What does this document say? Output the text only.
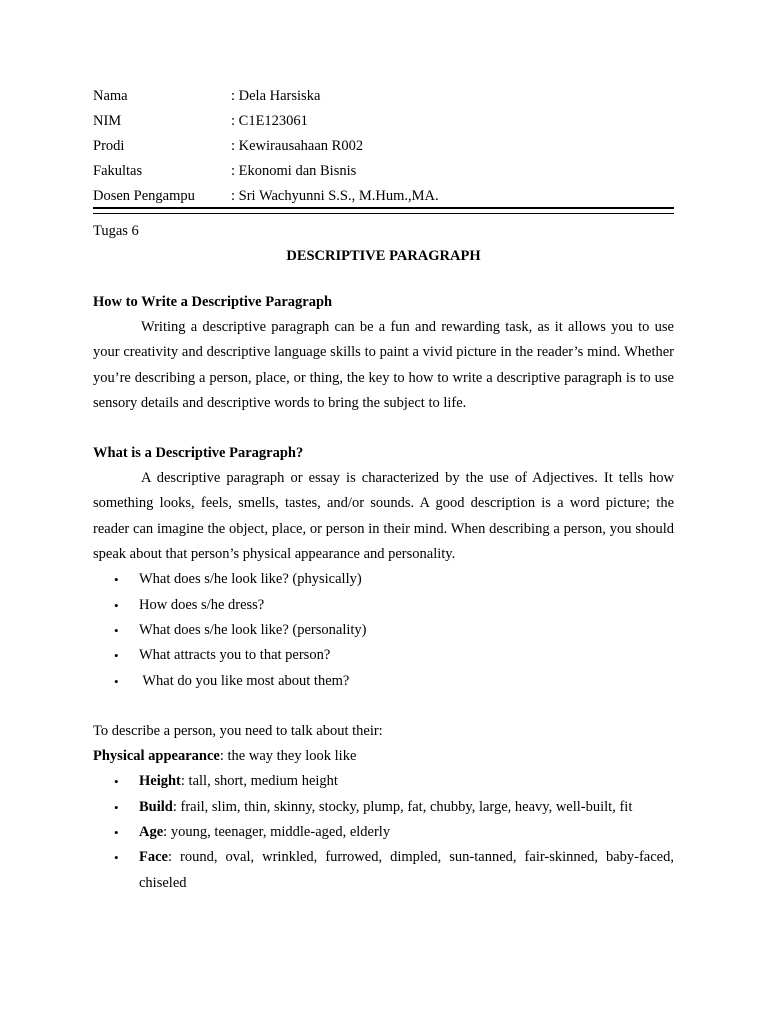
Nama	: Dela Harsiska
NIM	: C1E123061
Prodi	: Kewirausahaan R002
Fakultas	: Ekonomi dan Bisnis
Dosen Pengampu	: Sri Wachyunni S.S., M.Hum.,MA.
Tugas 6
DESCRIPTIVE PARAGRAPH
How to Write a Descriptive Paragraph

Writing a descriptive paragraph can be a fun and rewarding task, as it allows you to use your creativity and descriptive language skills to paint a vivid picture in the reader’s mind. Whether you’re describing a person, place, or thing, the key to how to write a descriptive paragraph is to use sensory details and descriptive words to bring the subject to life.

What is a Descriptive Paragraph?

A descriptive paragraph or essay is characterized by the use of Adjectives. It tells how something looks, feels, smells, tastes, and/or sounds. A good description is a word picture; the reader can imagine the object, place, or person in their mind. When describing a person, you should speak about that person’s physical appearance and personality.

• What does s/he look like? (physically)
• How does s/he dress?
• What does s/he look like? (personality)
• What attracts you to that person?
• What do you like most about them?
To describe a person, you need to talk about their:
Physical appearance: the way they look like
• Height: tall, short, medium height
• Build: frail, slim, thin, skinny, stocky, plump, fat, chubby, large, heavy, well-built, fit
• Age: young, teenager, middle-aged, elderly
• Face: round, oval, wrinkled, furrowed, dimpled, sun-tanned, fair-skinned, baby-faced, chiseled
